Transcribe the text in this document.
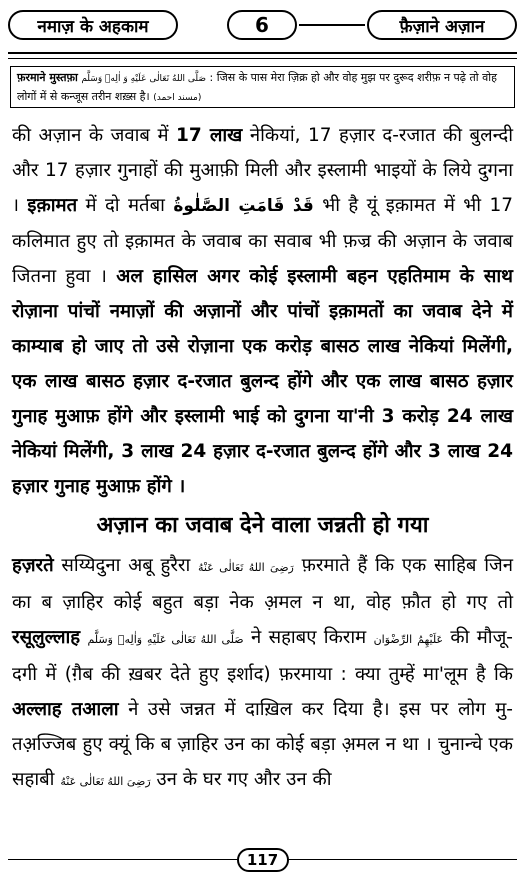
नमाज़ के अहकाम	6	फ़ैज़ाने अज़ान
फ़रमाने मुस्तफ़ा صَلَّى اللهُ تَعَالٰی عَلَيْهِ وَ اٰلِهٖ وَسَلَّم : जिस के पास मेरा ज़िक्र हो और वोह मुझ पर दुरूद शरीफ़ न पढ़े तो वोह लोगों में से कन्जूस तरीन शख़्स है। (مسند احمد)

की अज़ान के जवाब में 17 लाख नेकियां, 17 हज़ार द-रजात की बुलन्दी और 17 हज़ार गुनाहों की मुआफ़ी मिली और इस्लामी भाइयों के लिये दुगना । इक़ामत में दो मर्तबा قَدْ قَامَتِ الصَّلٰوةُ भी है यूं इक़ामत में भी 17 कलिमात हुए तो इक़ामत के जवाब का सवाब भी फ़ज्र की अज़ान के जवाब जितना हुवा । अल हासिल अगर कोई इस्लामी बहन एहतिमाम के साथ रोज़ाना पांचों नमाज़ों की अज़ानों और पांचों इक़ामतों का जवाब देने में काम्याब हो जाए तो उसे रोज़ाना एक करोड़ बासठ लाख नेकियां मिलेंगी, एक लाख बासठ हज़ार द-रजात बुलन्द होंगे और एक लाख बासठ हज़ार गुनाह मुआफ़ होंगे और इस्लामी भाई को दुगना या'नी 3 करोड़ 24 लाख नेकियां मिलेंगी, 3 लाख 24 हज़ार द-रजात बुलन्द होंगे और 3 लाख 24 हज़ार गुनाह मुआफ़ होंगे ।

अज़ान का जवाब देने वाला जन्नती हो गया

हज़रते सय्यिदुना अबू हुरैरा رَضِیَ اللهُ تَعَالٰی عَنْهُ फ़रमाते हैं कि एक साहिब जिन का ब ज़ाहिर कोई बहुत बड़ा नेक अ़मल न था, वोह फ़ौत हो गए तो रसूलुल्लाह صَلَّى اللهُ تَعَالٰی عَلَيْهِ وَاٰلِهٖ وَسَلَّم ने सहाबए किराम عَلَيْهِمُ الرِّضْوَان की मौजू-दगी में (ग़ैब की ख़बर देते हुए इर्शाद) फ़रमाया : क्या तुम्हें मा'लूम है कि अल्लाह तआला ने उसे जन्नत में दाख़िल कर दिया है। इस पर लोग मु-तअ़ज्जिब हुए क्यूं कि ब ज़ाहिर उन का कोई बड़ा अ़मल न था । चुनान्चे एक सहाबी رَضِیَ اللهُ تَعَالٰی عَنْهُ उन के घर गए और उन की

117
